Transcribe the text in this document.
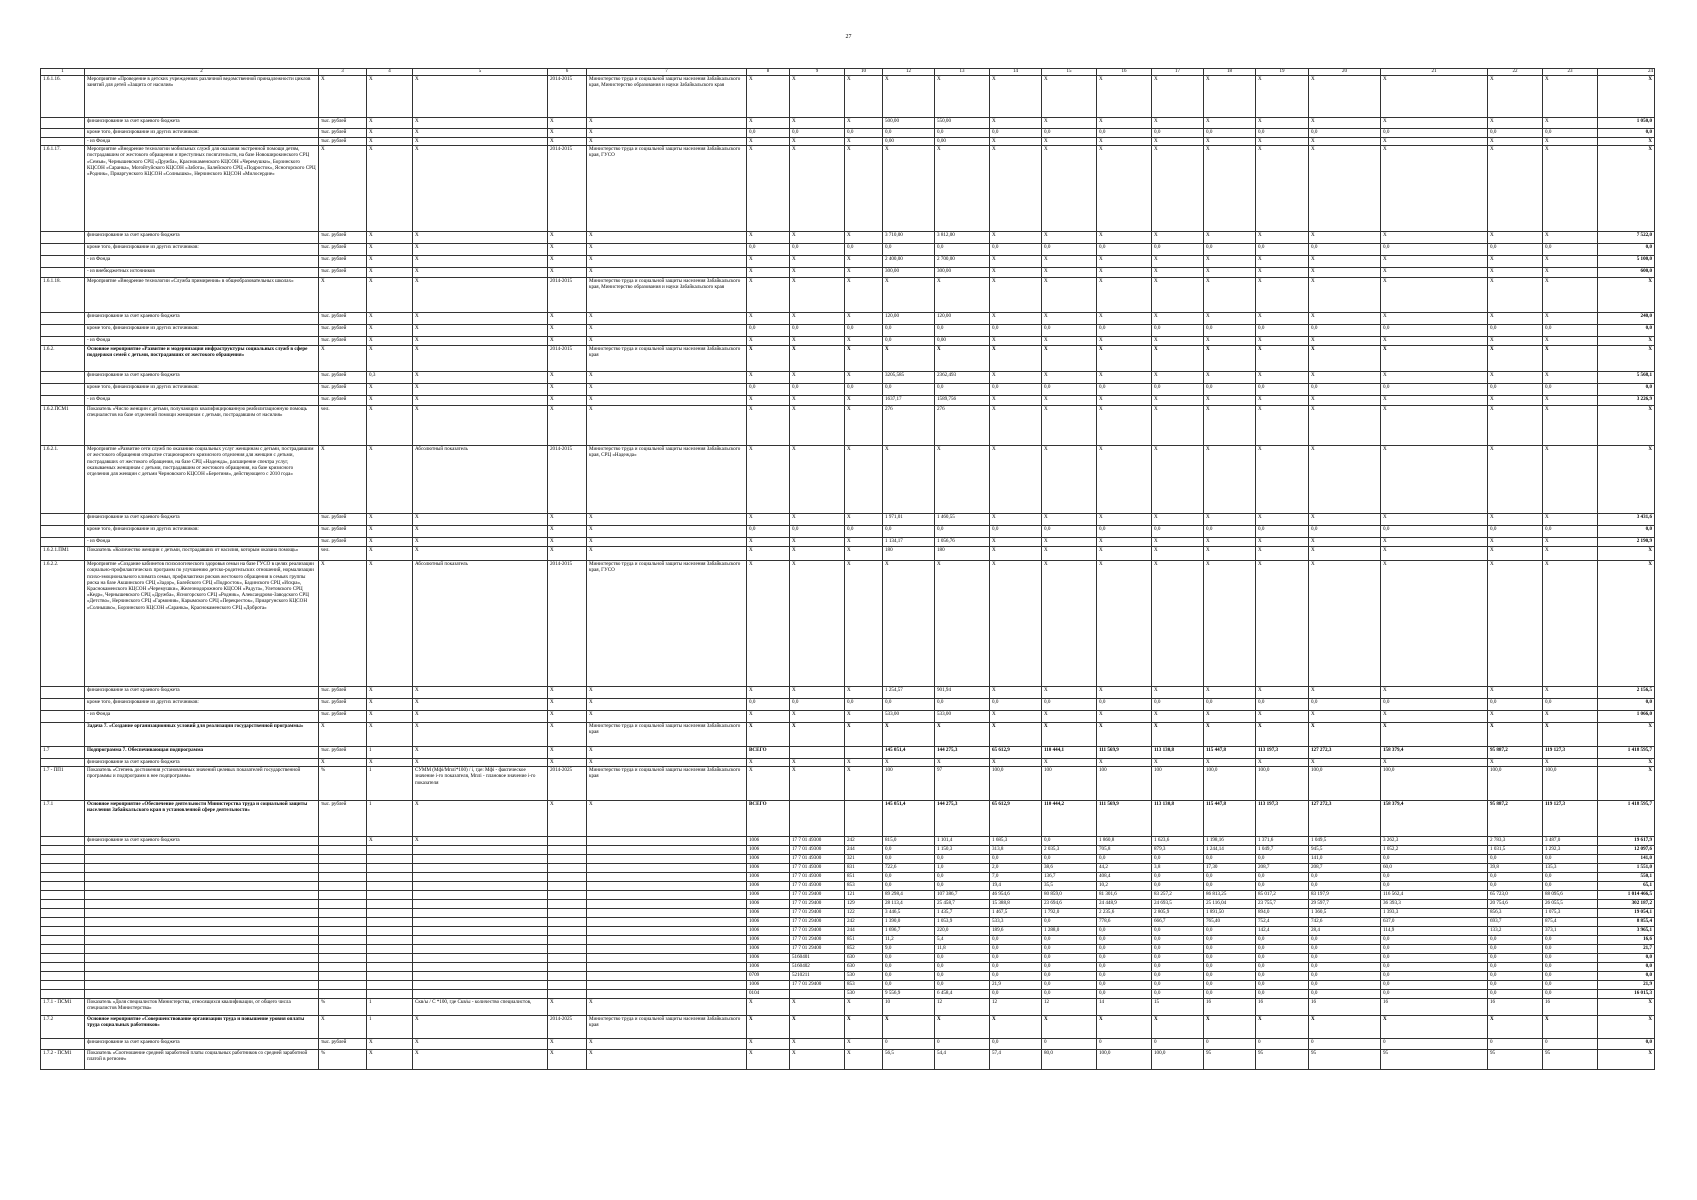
27
1	2	3	4	5	6	7	8	9	10	12	13	14	15	16	17	18	19	20	21	22	23	24
1.6.1.16.	Мероприятие «Проведение в детских учреждениях различной ведомственной принадлежности циклов занятий для детей «Защита от насилия»	X	X	X	2014-2015	Министерство труда и социальной защиты населения Забайкальского края, Министерство образования и науки Забайкальского края	X	X	X	X	X	X	X	X	X	X	X	X	X	X	X	X
	финансирование за счет краевого бюджета	тыс. рублей	X	X	X	X	X	X	X	500,00	550,00	X	X	X	X	X	X	X	X	X	X	1 050,0
	кроме того, финансирование из других источников:	тыс. рублей	X	X	X	X	0,0	0,0	0,0	0,0	0,0	0,0	0,0	0,0	0,0	0,0	0,0	0,0	0,0	0,0	0,0	0,0
	- из Фонда	тыс. рублей	X	X	X	X	X	X	X	0,00	0,00	X	X	X	X	X	X	X	X	X	X	X
1.6.1.17.	Мероприятие «Внедрение технологии мобильных служб для оказания экстренной помощи детям, пострадавшим от жестокого обращения и преступных посягательств, на базе Новоширокинского СРЦ «Семья», Чернышевского СРЦ «Дружба», Краснокаменского КЦСОН «Черемушки», Борзинского КЦСОН «Саранка», Могойтуйского КЦСОН «Забота», Балейского СРЦ «Подросток», Ясногорского СРЦ «Родник», Приаргунского КЦСОН «Солнышко», Нерчинского КЦСОН «Милосердие»	X	X	X	2014-2015	Министерство труда и социальной защиты населения Забайкальского края, ГУСО	X	X	X	X	X	X	X	X	X	X	X	X	X	X	X	X
	финансирование за счет краевого бюджета	тыс. рублей	X	X	X	X	X	X	X	3 710,00	3 812,00	X	X	X	X	X	X	X	X	X	X	7 522,0
	кроме того, финансирование из других источников:	тыс. рублей	X	X	X	X	0,0	0,0	0,0	0,0	0,0	0,0	0,0	0,0	0,0	0,0	0,0	0,0	0,0	0,0	0,0	0,0
	- из Фонда	тыс. рублей	X	X	X	X	X	X	X	2 400,00	2 700,00	X	X	X	X	X	X	X	X	X	X	5 100,0
	- из внебюджетных источников	тыс. рублей	X	X	X	X	X	X	X	300,00	300,00	X	X	X	X	X	X	X	X	X	X	600,0
1.6.1.18.	Мероприятие «Внедрение технологии «Служба примирения» в общеобразовательных школах»	X	X	X	2014-2015	Министерство труда и социальной защиты населения Забайкальского края, Министерство образования и науки Забайкальского края	X	X	X	X	X	X	X	X	X	X	X	X	X	X	X	X
	финансирование за счет краевого бюджета	тыс. рублей	X	X	X	X	X	X	X	120,00	120,00	X	X	X	X	X	X	X	X	X	X	240,0
	кроме того, финансирование из других источников:	тыс. рублей	X	X	X	X	0,0	0,0	0,0	0,0	0,0	0,0	0,0	0,0	0,0	0,0	0,0	0,0	0,0	0,0	0,0	0,0
	- из Фонда	тыс. рублей	X	X	X	X	X	X	X	0,0	0,00	X	X	X	X	X	X	X	X	X	X	X
1.6.2.	Основное мероприятие «Развитие и модернизация инфраструктуры социальных служб в сфере поддержки семей с детьми, пострадавших от жестокого обращения»	X	X	X	2014-2015	Министерство труда и социальной защиты населения Забайкальского края	X	X	X	X	X	X	X	X	X	X	X	X	X	X	X	X
	финансирование за счет краевого бюджета	тыс. рублей	0,3	X	X	X	X	X	X	3205,585	2362,493	X	X	X	X	X	X	X	X	X	X	5 568,1
	кроме того, финансирование из других источников:	тыс. рублей	X	X	X	X	0,0	0,0	0,0	0,0	0,0	0,0	0,0	0,0	0,0	0,0	0,0	0,0	0,0	0,0	0,0	0,0
	- из Фонда	тыс. рублей	X	X	X	X	X	X	X	1637,17	1589,756	X	X	X	X	X	X	X	X	X	X	3 226,9
1.6.2.ПСМ1	Показатель «Число женщин с детьми, получающих квалифицированную реабилитационную помощь специалистов на базе отделений помощи женщинам с детьми, пострадавшим от насилия»	чел.	X	X	X	X	X	X	X	276	276	X	X	X	X	X	X	X	X	X	X	X
1.6.2.1.	Мероприятие «Развитие сети служб по оказанию социальных услуг женщинам с детьми, пострадавшим от жестокого обращения открытие стационарного кризисного отделения для женщин с детьми, пострадавших от жестокого обращения, на базе СРЦ «Надежда», расширение спектра услуг, оказываемых женщинам с детьми, пострадавшим от жестокого обращения, на базе кризисного отделения для женщин с детьми Черновского КЦСОН «Берегиня», действующего с 2010 года»	X	X	Абсолютный показатель	2014-2015	Министерство труда и социальной защиты населения Забайкальского края, СРЦ «Надежда»	X	X	X	X	X	X	X	X	X	X	X	X	X	X	X	X
	финансирование за счет краевого бюджета	тыс. рублей	X	X	X	X	X	X	X	1 971,01	1 460,55	X	X	X	X	X	X	X	X	X	X	3 431,6
	кроме того, финансирование из других источников:	тыс. рублей	X	X	X	X	0,0	0,0	0,0	0,0	0,0	0,0	0,0	0,0	0,0	0,0	0,0	0,0	0,0	0,0	0,0	0,0
	- из Фонда	тыс. рублей	X	X	X	X	X	X	X	1 134,17	1 056,76	X	X	X	X	X	X	X	X	X	X	2 190,9
1.6.2.1.ПМ1	Показатель «Количество женщин с детьми, пострадавших от насилия, которым оказана помощь»	чел.	X	X	X	X	X	X	X	180	180	X	X	X	X	X	X	X	X	X	X	X
1.6.2.2.	Мероприятие «Создание кабинетов психологического здоровья семьи на базе ГУСО в целях реализации социально-профилактических программ по улучшению детско-родительских отношений, нормализации психо-эмоционального климата семьи, профилактики рисков жестокого обращения в семьях группы риска на базе Акшинского СРЦ «Задор», Балейского СРЦ «Подросток», Бадинского СРЦ «Искра», Краснокаменского КЦСОН «Черемушки», Железнодорожного КЦСОН «Радуга», Улетовского СРЦ «Кедр», Чернышевского СРЦ «Дружба», Ясногорского СРЦ «Родник», Александрово-Заводского СРЦ «Детство», Нерчинского СРЦ «Гармония», Карымского СРЦ «Перекресток», Приаргунского КЦСОН «Солнышко», Борзинского КЦСОН «Саранка», Краснокаменского СРЦ «Доброта»	X	X	Абсолютный показатель	2014-2015	Министерство труда и социальной защиты населения Забайкальского края, ГУСО	X	X	X	X	X	X	X	X	X	X	X	X	X	X	X	X
	финансирование за счет краевого бюджета	тыс. рублей	X	X	X	X	X	X	X	1 254,57	901,94	X	X	X	X	X	X	X	X	X	X	2 156,5
	кроме того, финансирование из других источников:	тыс. рублей	X	X	X	X	0,0	0,0	0,0	0,0	0,0	0,0	0,0	0,0	0,0	0,0	0,0	0,0	0,0	0,0	0,0	0,0
	- из Фонда	тыс. рублей	X	X	X	X	X	X	X	533,00	533,00	X	X	X	X	X	X	X	X	X	X	1 066,0
	Задача 7. «Создание организационных условий для реализации государственной программы»	X	X	X	X	Министерство труда и социальной защиты населения Забайкальского края	X	X	X	X	X	X	X	X	X	X	X	X	X	X	X	X
1.7	Подпрограмма 7. Обеспечивающая подпрограмма	тыс. рублей	1	X	X	X	ВСЕГО			145 051,4	144 275,3	65 612,9	110 444,1	111 569,9	113 130,8	115 447,8	113 197,3	127 272,3	158 379,4	95 887,2	119 127,3	1 418 595,7
	финансирование за счет краевого бюджета	X	X	X	X	X	X	X	X	X	X	X	X	X	X	X	X	X	X	X	X	X
1.7 - ПП1	Показатель «Степень достижения установленных значений целевых показателей государственной программы и подпрограмм в нее подпрограмм»	%	1	СУММ (Mфi/Mплi*100) / i, где: Mфi - фактическое значение i-го показателя, Mплi - плановое значение i-го показателя	2014-2025	Министерство труда и социальной защиты населения Забайкальского края	X	X	X	100	97	100,0	100	100	100	100,0	100,0	100,0	100,0	100,0	100,0	X
1.7.1	Основное мероприятие «Обеспечение деятельности Министерства труда и социальной защиты населения Забайкальского края в установленной сфере деятельности»	тыс. рублей	1	X	X	X	ВСЕГО			145 051,4	144 275,3	65 612,9	110 444,2	111 569,9	113 130,8	115 447,8	113 197,3	127 272,3	158 379,4	95 887,2	119 127,3	1 418 595,7
	финансирование за счет краевого бюджета		X	X			1006	17 7 01 49300	242	815,0	1 101,4	1 685,3	0,0	1 860,8	1 623,6	1 198,16	1 371,6	1 049,5	3 262,3	2 783,3	3 487,0	19 617,9
							1006	17 7 01 49300	244	0,0	1 150,3	313,8	2 035,3	705,8	879,3	1 244,14	1 049,7	945,5	1 052,2	1 031,5	1 292,3	12 097,6
							1006	17 7 01 49300	321	0,0	0,0	0,0	0,0	0,0	0,0	0,0	0,0	141,0	0,0	0,0	0,0	141,0
							1006	17 7 01 49300	831	722,6	1,0	2,0	38,6	44,2	3,8	17,30	208,7	208,7	60,0	39,8	135,3	1 551,0
							1006	17 7 01 49300	851	0,0	0,0	7,0	136,7	408,4	0,0	0,0	0,0	0,0	0,0	0,0	0,0	550,1
							1006	17 7 01 49300	853	0,0	0,0	19,4	35,5	10,2	0,0	0,0	0,0	0,0	0,0	0,0	0,0	65,1
							1006	17 7 01 29400	121	89 298,4	107 386,7	46 954,6	80 859,0	81 301,6	83 257,2	86 813,25	85 017,2	83 197,9	116 562,4	65 723,0	88 095,6	1 014 466,5
							1006	17 7 01 29400	129	28 113,4	25 458,7	15 388,8	23 694,6	24 448,9	24 693,5	25 116,04	23 755,7	29 597,7	36 393,3	20 754,6	26 055,5	302 187,2
							1006	17 7 01 29400	122	3 446,5	1 435,7	1 467,5	1 792,0	2 235,6	2 805,9	1 891,50	894,0	1 360,5	1 393,3	856,3	1 075,3	19 054,1
							1006	17 7 01 29400	242	1 390,0	1 053,9	533,3	0,0	778,6	666,7	765,40	752,4	742,6	637,0	693,7	875,4	8 855,4
							1006	17 7 01 29400	244	1 696,7	220,0	189,6	1 288,0	0,0	0,0	0,0	142,4	28,4	114,9	133,2	373,1	3 965,1
							1006	17 7 01 29400	851	11,2	5,4	0,0	0,0	0,0	0,0	0,0	0,0	0,0	0,0	0,0	0,0	16,6
							1006	17 7 01 29400	852	9,0	11,8	0,0	0,0	0,0	0,0	0,0	0,0	0,0	0,0	0,0	0,0	21,7
							1006	5160401	630	0,0	0,0	0,0	0,0	0,0	0,0	0,0	0,0	0,0	0,0	0,0	0,0	0,0
							1006	5160402	630	0,0	0,0	0,0	0,0	0,0	0,0	0,0	0,0	0,0	0,0	0,0	0,0	0,0
							0709	5210211	530	0,0	0,0	0,0	0,0	0,0	0,0	0,0	0,0	0,0	0,0	0,0	0,0	0,0
							1006	17 7 01 29400	853	0,0	0,0	21,9	0,0	0,0	0,0	0,0	0,0	0,0	0,0	0,0	0,0	21,9
							0104		530	9 556,9	6 458,4	0,0	0,0	0,0	0,0	0,0	0,0	0,0	0,0	0,0	0,0	16 015,3
1.7.1 - ПСМ1	Показатель «Доля специалистов Министерства, относящихся квалификации, от общего числа специалистов Министерства»	%	1	Скв/ы / С *100, где Скв/ы - количество специалистов,	X	X	X	X	X	10	12	12	12	14	15	16	16	16	16	16	16	X
1.7.2	Основное мероприятие «Совершенствование организации труда и повышение уровня оплаты труда социальных работников»	X	1	X	2014-2025	Министерство труда и социальной защиты населения Забайкальского края	X	X	X	X	X	X	X	X	X	X	X	X	X	X	X	X
	финансирование за счет краевого бюджета	тыс. рублей	X	X	X	X	X	X	X	0	0	0,0	0	0	0	0	0	0	0	0	0	0,0
1.7.2 - ПСМ1	Показатель «Соотношение средней заработной платы социальных работников со средней заработной платой в регионе»	%	X	X	X	X	X	X	X	56,5	54,4	57,4	80,0	100,0	100,0	95	95	95	95	95	95	X
